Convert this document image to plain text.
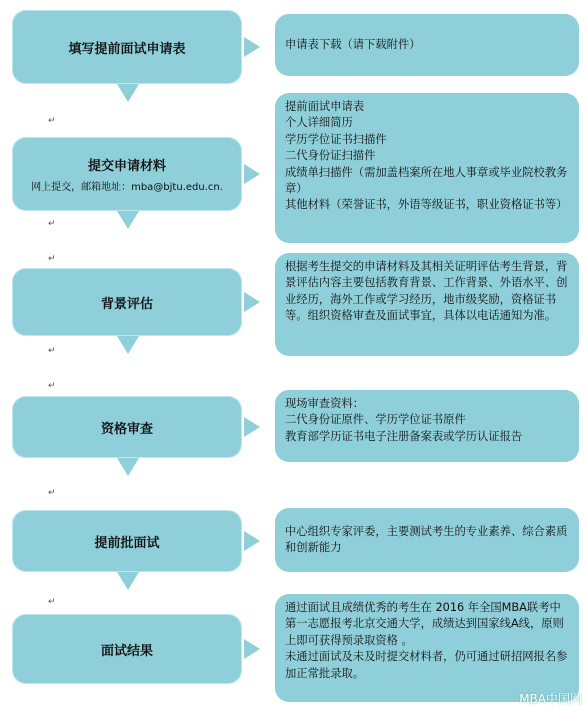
填写提前面试申请表	申请表下载（请下载附件）
提交申请材料
网上提交，邮箱地址：mba@bjtu.edu.cn.
提前面试申请表
个人详细简历
学历学位证书扫描件
二代身份证扫描件
成绩单扫描件（需加盖档案所在地人事章或毕业院校教务章）
其他材料（荣誉证书，外语等级证书，职业资格证书等）
背景评估
根据考生提交的申请材料及其相关证明评估考生背景，背景评估内容主要包括教育背景、工作背景、外语水平、创业经历，海外工作或学习经历，地市级奖励，资格证书等。组织资格审查及面试事宜，具体以电话通知为准。
资格审查
现场审查资料：
二代身份证原件、学历学位证书原件
教育部学历证书电子注册备案表或学历认证报告
提前批面试
中心组织专家评委，主要测试考生的专业素养、综合素质和创新能力
面试结果
通过面试且成绩优秀的考生在 2016 年全国MBA联考中第一志愿报考北京交通大学，成绩达到国家线A线，原则上即可获得预录取资格 。
未通过面试及未及时提交材料者，仍可通过研招网报名参加正常批录取。
↵
↵
↵
↵
↵
↵
↵
MBA中国网
